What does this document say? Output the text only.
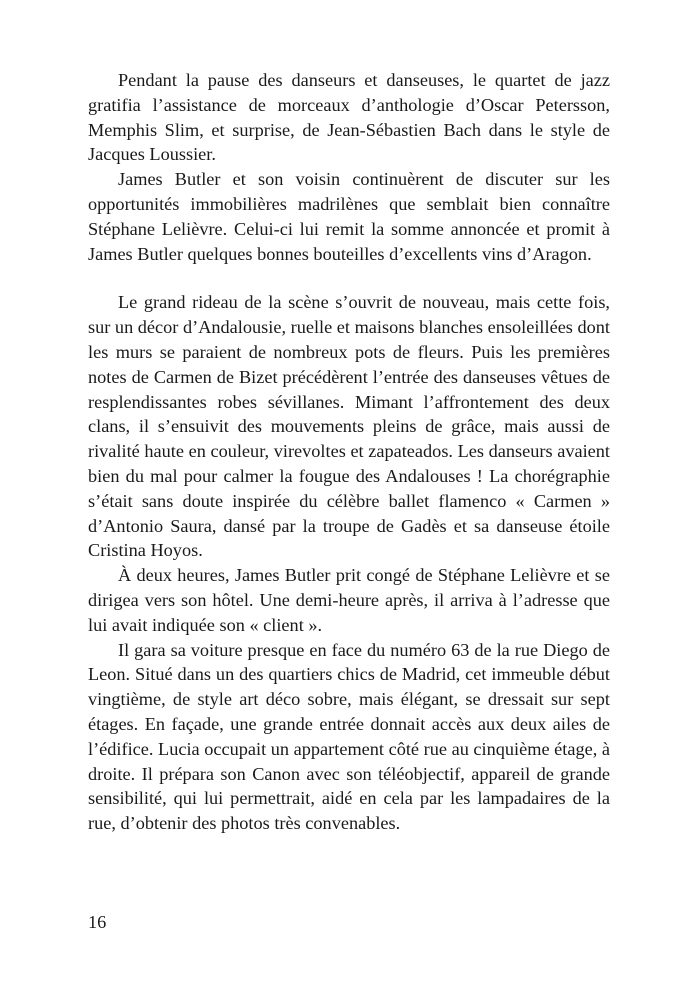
Pendant la pause des danseurs et danseuses, le quartet de jazz gratifia l’assistance de morceaux d’anthologie d’Oscar Petersson, Memphis Slim, et surprise, de Jean-Sébastien Bach dans le style de Jacques Loussier.

James Butler et son voisin continuèrent de discuter sur les opportunités immobilières madrilènes que semblait bien connaître Stéphane Lelièvre. Celui-ci lui remit la somme annoncée et promit à James Butler quelques bonnes bouteilles d’excellents vins d’Aragon.

Le grand rideau de la scène s’ouvrit de nouveau, mais cette fois, sur un décor d’Andalousie, ruelle et maisons blanches ensoleillées dont les murs se paraient de nombreux pots de fleurs. Puis les premières notes de Carmen de Bizet précédèrent l’entrée des danseuses vêtues de resplendissantes robes sévillanes. Mimant l’affrontement des deux clans, il s’ensuivit des mouvements pleins de grâce, mais aussi de rivalité haute en couleur, virevoltes et zapateados. Les danseurs avaient bien du mal pour calmer la fougue des Andalouses ! La chorégraphie s’était sans doute inspirée du célèbre ballet flamenco « Carmen » d’Antonio Saura, dansé par la troupe de Gadès et sa danseuse étoile Cristina Hoyos.

À deux heures, James Butler prit congé de Stéphane Lelièvre et se dirigea vers son hôtel. Une demi-heure après, il arriva à l’adresse que lui avait indiquée son « client ».

Il gara sa voiture presque en face du numéro 63 de la rue Diego de Leon. Situé dans un des quartiers chics de Madrid, cet immeuble début vingtième, de style art déco sobre, mais élégant, se dressait sur sept étages. En façade, une grande entrée donnait accès aux deux ailes de l’édifice. Lucia occupait un appartement côté rue au cinquième étage, à droite. Il prépara son Canon avec son téléobjectif, appareil de grande sensibilité, qui lui permettrait, aidé en cela par les lampadaires de la rue, d’obtenir des photos très convenables.

16
